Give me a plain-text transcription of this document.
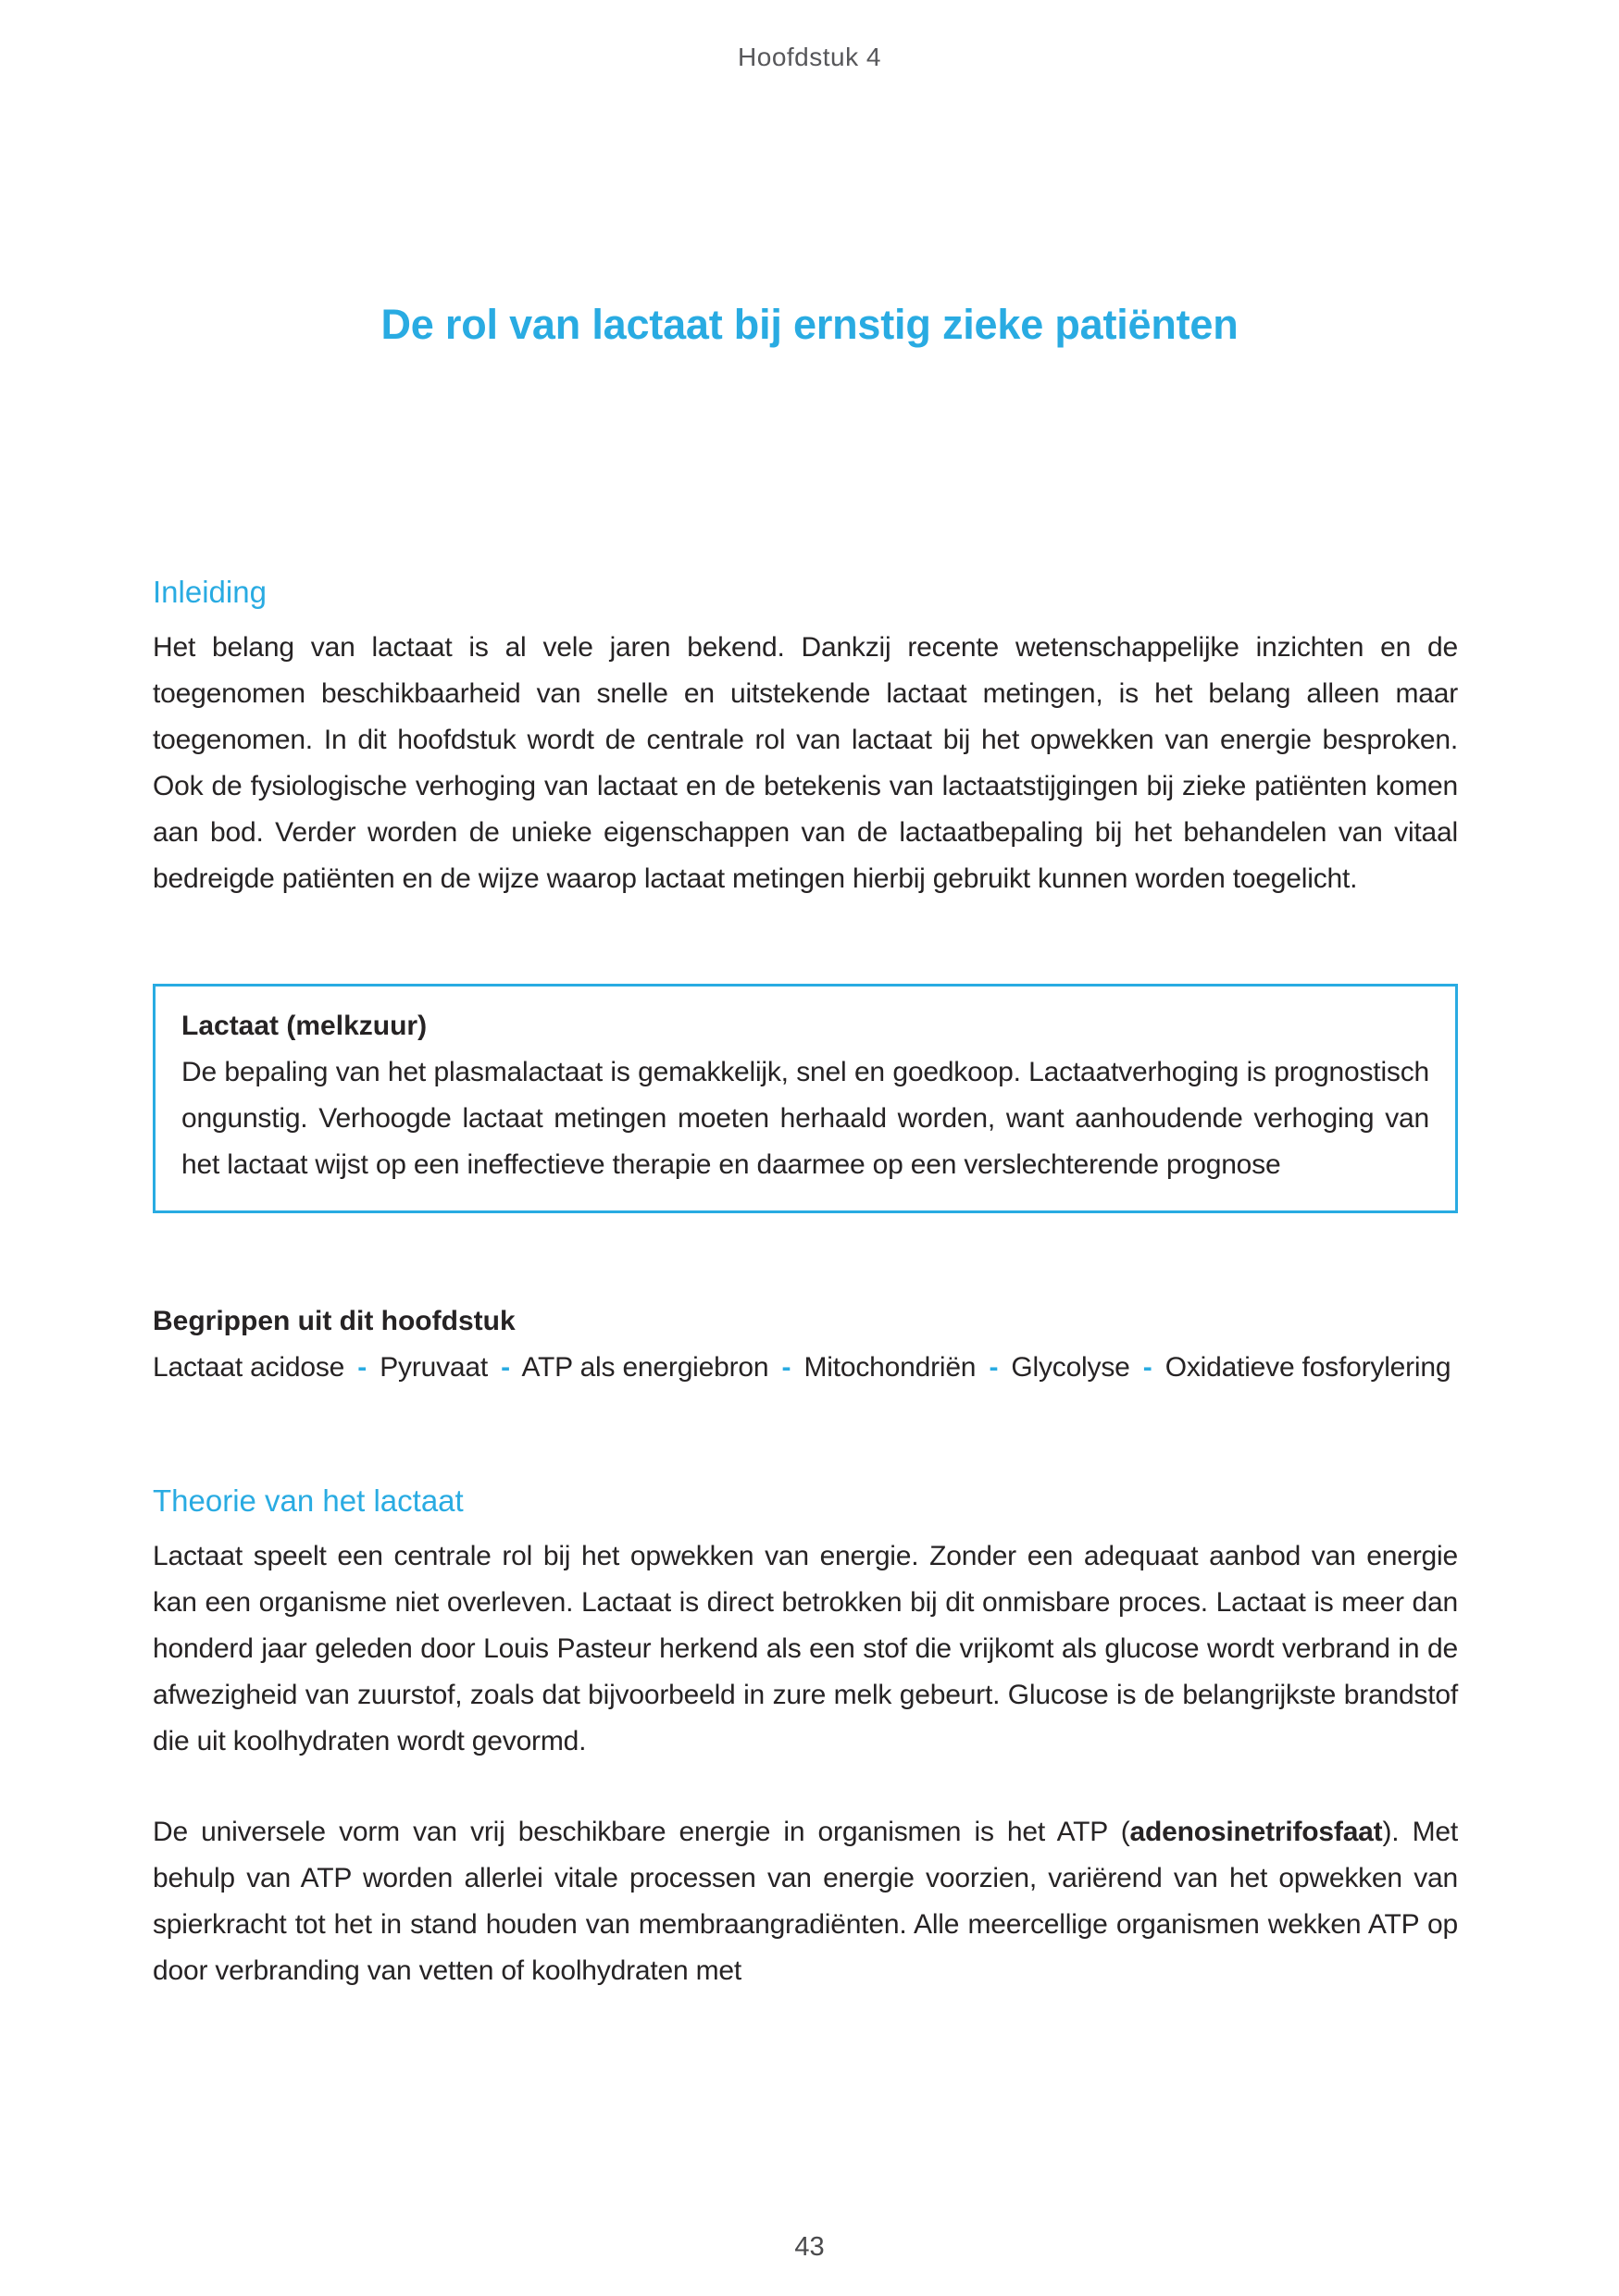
Hoofdstuk 4
De rol van lactaat bij ernstig zieke patiënten
Inleiding

Het belang van lactaat is al vele jaren bekend. Dankzij recente wetenschappelijke inzichten en de toegenomen beschikbaarheid van snelle en uitstekende lactaat metingen, is het belang alleen maar toegenomen. In dit hoofdstuk wordt de centrale rol van lactaat bij het opwekken van energie besproken. Ook de fysiologische verhoging van lactaat en de betekenis van lactaatstijgingen bij zieke patiënten komen aan bod. Verder worden de unieke eigenschappen van de lactaatbepaling bij het behandelen van vitaal bedreigde patiënten en de wijze waarop lactaat metingen hierbij gebruikt kunnen worden toegelicht.

Lactaat (melkzuur)

De bepaling van het plasmalactaat is gemakkelijk, snel en goedkoop. Lactaatverhoging is prognostisch ongunstig. Verhoogde lactaat metingen moeten herhaald worden, want aanhoudende verhoging van het lactaat wijst op een ineffectieve therapie en daarmee op een verslechterende prognose

Begrippen uit dit hoofdstuk

Lactaat acidose - Pyruvaat - ATP als energiebron - Mitochondriën - Glycolyse - Oxidatieve fosforylering

Theorie van het lactaat

Lactaat speelt een centrale rol bij het opwekken van energie. Zonder een adequaat aanbod van energie kan een organisme niet overleven. Lactaat is direct betrokken bij dit onmisbare proces. Lactaat is meer dan honderd jaar geleden door Louis Pasteur herkend als een stof die vrijkomt als glucose wordt verbrand in de afwezigheid van zuurstof, zoals dat bijvoorbeeld in zure melk gebeurt. Glucose is de belangrijkste brandstof die uit koolhydraten wordt gevormd.

De universele vorm van vrij beschikbare energie in organismen is het ATP (adenosinetrifosfaat). Met behulp van ATP worden allerlei vitale processen van energie voorzien, variërend van het opwekken van spierkracht tot het in stand houden van membraangradiënten. Alle meercellige organismen wekken ATP op door verbranding van vetten of koolhydraten met

43
